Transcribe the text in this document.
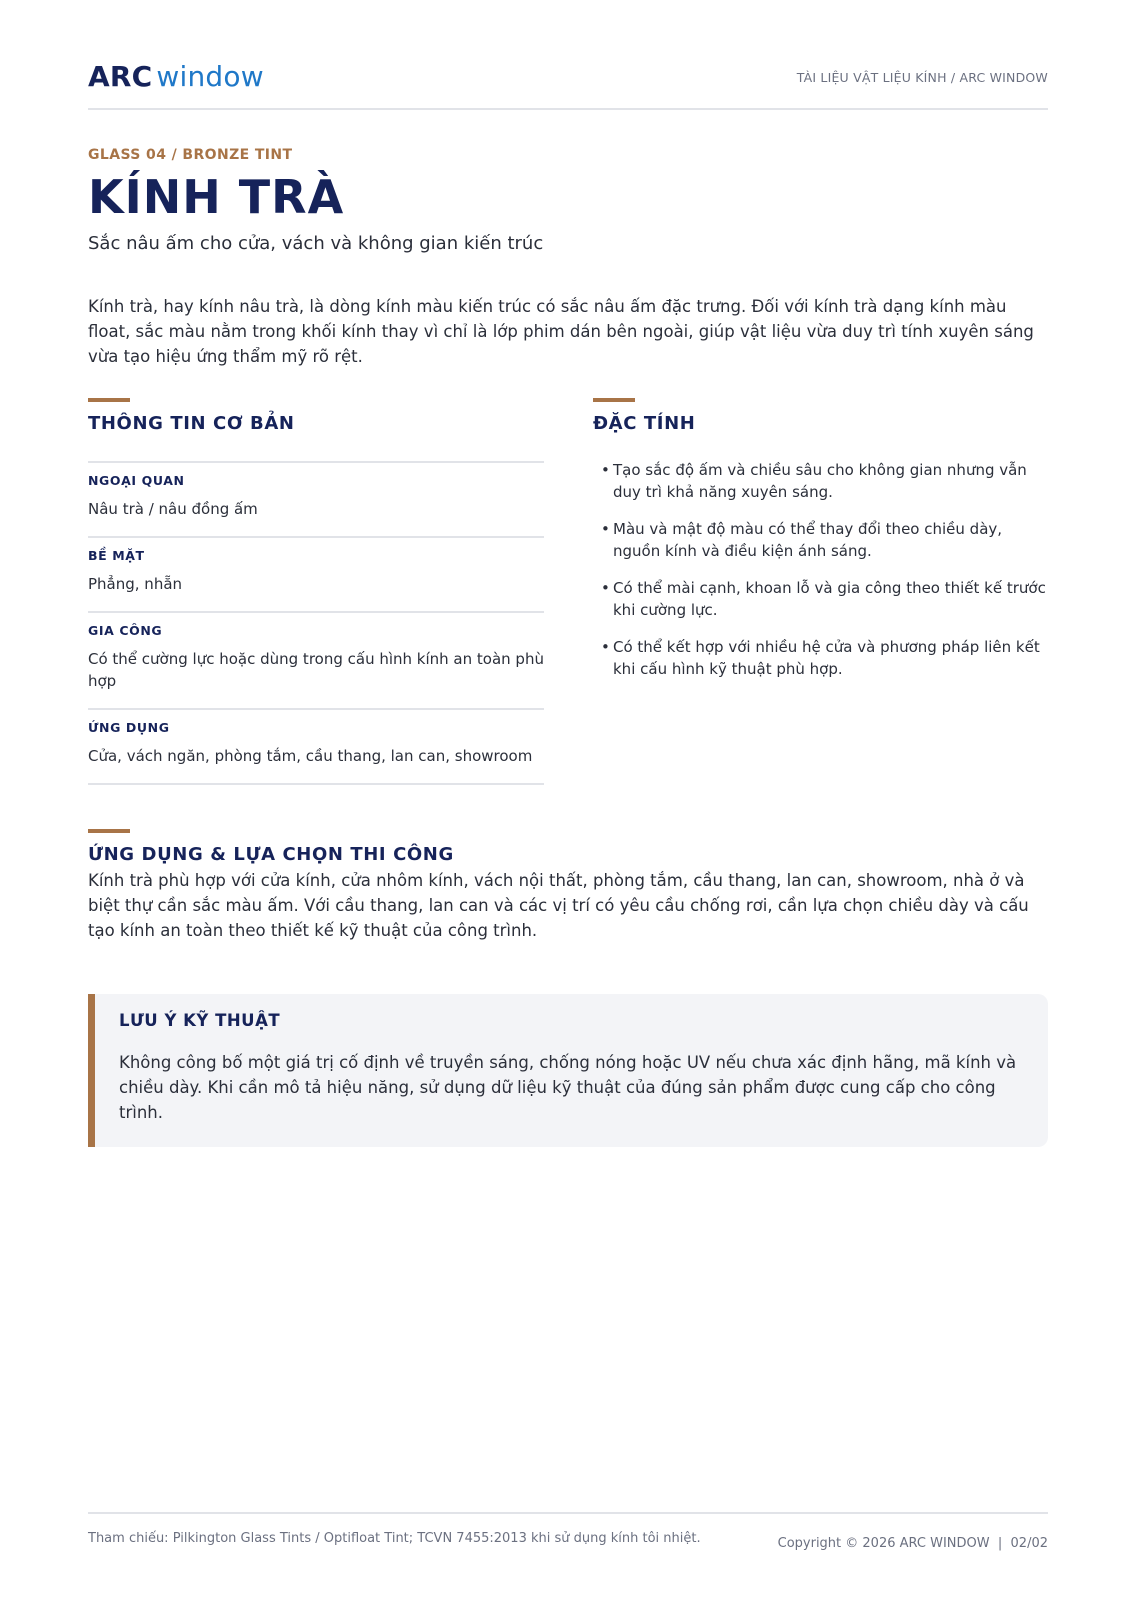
ARC window	TÀI LIỆU VẬT LIỆU KÍNH / ARC WINDOW
GLASS 04 / BRONZE TINT
KÍNH TRÀ
Sắc nâu ấm cho cửa, vách và không gian kiến trúc

Kính trà, hay kính nâu trà, là dòng kính màu kiến trúc có sắc nâu ấm đặc trưng. Đối với kính trà dạng kính màu float, sắc màu nằm trong khối kính thay vì chỉ là lớp phim dán bên ngoài, giúp vật liệu vừa duy trì tính xuyên sáng vừa tạo hiệu ứng thẩm mỹ rõ rệt.

THÔNG TIN CƠ BẢN
NGOẠI QUAN
Nâu trà / nâu đồng ấm
BỀ MẶT
Phẳng, nhẵn
GIA CÔNG
Có thể cường lực hoặc dùng trong cấu hình kính an toàn phù hợp
ỨNG DỤNG
Cửa, vách ngăn, phòng tắm, cầu thang, lan can, showroom
ĐẶC TÍNH
• Tạo sắc độ ấm và chiều sâu cho không gian nhưng vẫn duy trì khả năng xuyên sáng.
• Màu và mật độ màu có thể thay đổi theo chiều dày, nguồn kính và điều kiện ánh sáng.
• Có thể mài cạnh, khoan lỗ và gia công theo thiết kế trước khi cường lực.
• Có thể kết hợp với nhiều hệ cửa và phương pháp liên kết khi cấu hình kỹ thuật phù hợp.
ỨNG DỤNG & LỰA CHỌN THI CÔNG

Kính trà phù hợp với cửa kính, cửa nhôm kính, vách nội thất, phòng tắm, cầu thang, lan can, showroom, nhà ở và biệt thự cần sắc màu ấm. Với cầu thang, lan can và các vị trí có yêu cầu chống rơi, cần lựa chọn chiều dày và cấu tạo kính an toàn theo thiết kế kỹ thuật của công trình.

LƯU Ý KỸ THUẬT

Không công bố một giá trị cố định về truyền sáng, chống nóng hoặc UV nếu chưa xác định hãng, mã kính và chiều dày. Khi cần mô tả hiệu năng, sử dụng dữ liệu kỹ thuật của đúng sản phẩm được cung cấp cho công trình.

Tham chiếu: Pilkington Glass Tints / Optifloat Tint; TCVN 7455:2013 khi sử dụng kính tôi nhiệt.	Copyright © 2026 ARC WINDOW  |  02/02
